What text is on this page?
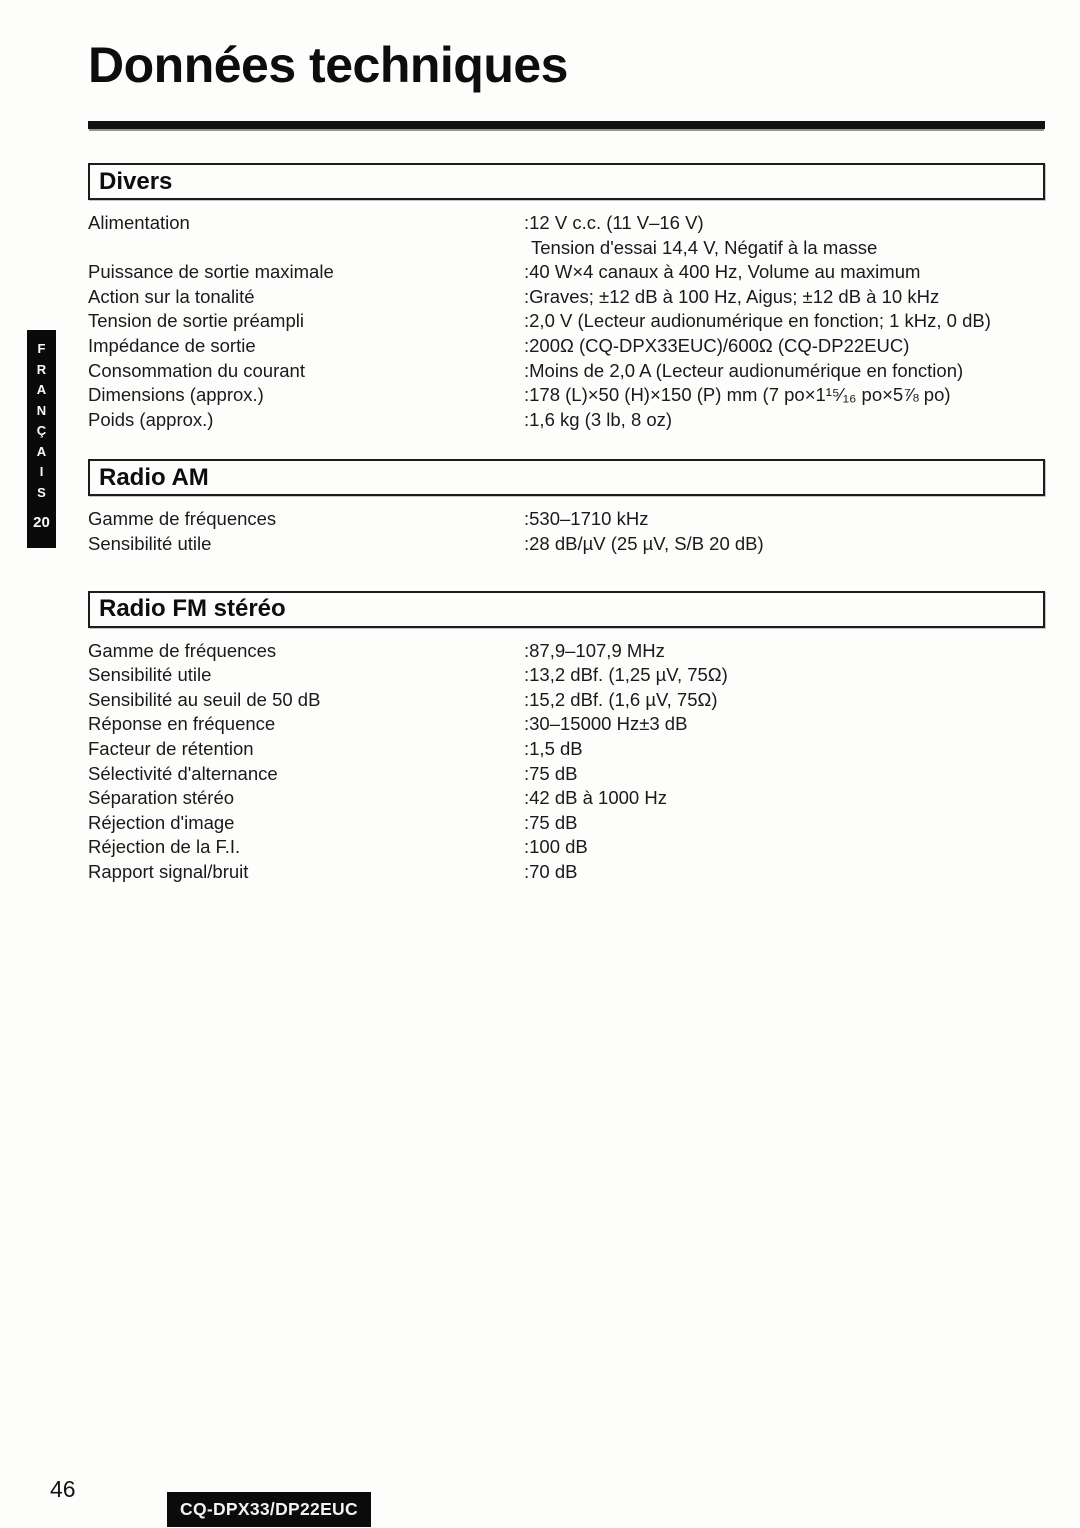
F
R
A
N
Ç
A
I
S
20
Données techniques
Divers
Alimentation	:12 V c.c. (11 V–16 V)
Tension d'essai 14,4 V, Négatif à la masse
Puissance de sortie maximale	:40 W×4 canaux à 400 Hz, Volume au maximum
Action sur la tonalité	:Graves; ±12 dB à 100 Hz, Aigus; ±12 dB à 10 kHz
Tension de sortie préampli	:2,0 V (Lecteur audionumérique en fonction; 1 kHz, 0 dB)
Impédance de sortie	:200Ω (CQ-DPX33EUC)/600Ω (CQ-DP22EUC)
Consommation du courant	:Moins de 2,0 A (Lecteur audionumérique en fonction)
Dimensions (approx.)	:178 (L)×50 (H)×150 (P) mm (7 po×1¹⁵⁄₁₆ po×5⅞ po)
Poids (approx.)	:1,6 kg (3 lb, 8 oz)
Radio AM
Gamme de fréquences	:530–1710 kHz
Sensibilité utile	:28 dB/µV (25 µV, S/B 20 dB)
Radio FM stéréo
Gamme de fréquences	:87,9–107,9 MHz
Sensibilité utile	:13,2 dBf. (1,25 µV, 75Ω)
Sensibilité au seuil de 50 dB	:15,2 dBf. (1,6 µV, 75Ω)
Réponse en fréquence	:30–15000 Hz±3 dB
Facteur de rétention	:1,5 dB
Sélectivité d'alternance	:75 dB
Séparation stéréo	:42 dB à 1000 Hz
Réjection d'image	:75 dB
Réjection de la F.I.	:100 dB
Rapport signal/bruit	:70 dB
46
CQ-DPX33/DP22EUC
